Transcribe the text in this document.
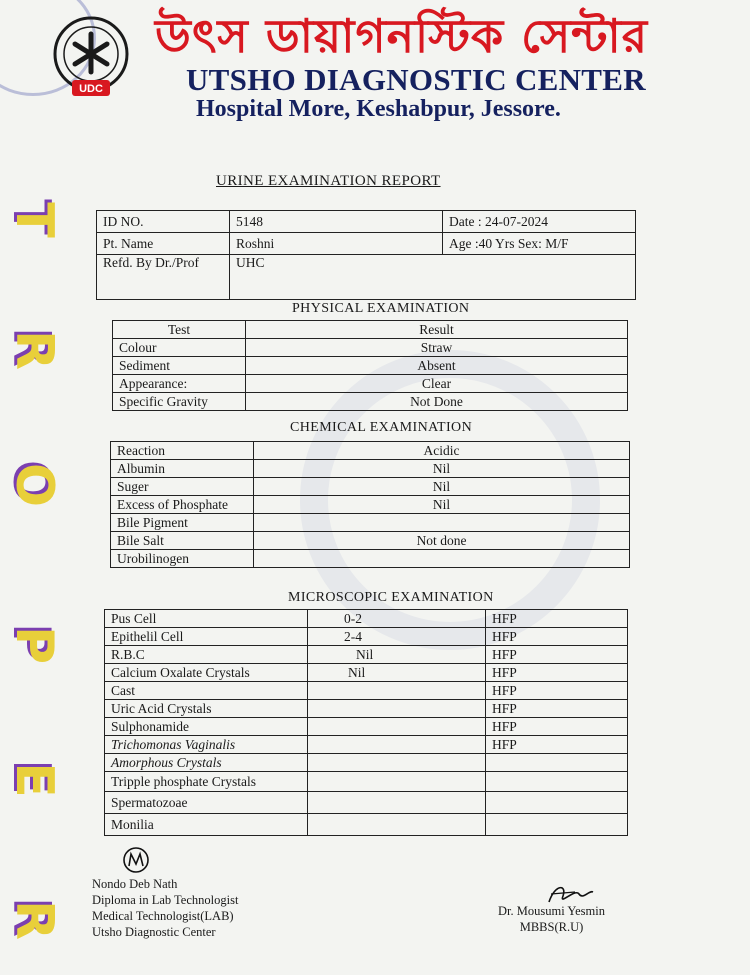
UDC
উৎস ডায়াগনস্টিক সেন্টার
UTSHO DIAGNOSTIC CENTER
Hospital More, Keshabpur, Jessore.
T
R
O
P
E
R
URINE EXAMINATION REPORT
ID NO.	5148	Date : 24-07-2024
Pt. Name	Roshni	Age :40 Yrs Sex: M/F
Refd. By Dr./Prof	UHC	
PHYSICAL EXAMINATION
Test	Result
Colour	Straw
Sediment	Absent
Appearance:	Clear
Specific Gravity	Not Done
CHEMICAL EXAMINATION
Reaction	Acidic
Albumin	Nil
Suger	Nil
Excess of Phosphate	Nil
Bile Pigment	
Bile Salt	Not done
Urobilinogen	
MICROSCOPIC EXAMINATION
Pus Cell	0-2	HFP
Epithelil Cell	2-4	HFP
R.B.C	Nil	HFP
Calcium Oxalate Crystals	Nil	HFP
Cast		HFP
Uric Acid Crystals		HFP
Sulphonamide		HFP
Trichomonas Vaginalis		HFP
Amorphous Crystals		
Tripple phosphate Crystals		
Spermatozoae		
Monilia		
Nondo Deb Nath
Diploma in Lab Technologist
Medical Technologist(LAB)
Utsho Diagnostic Center
Dr. Mousumi Yesmin
MBBS(R.U)
